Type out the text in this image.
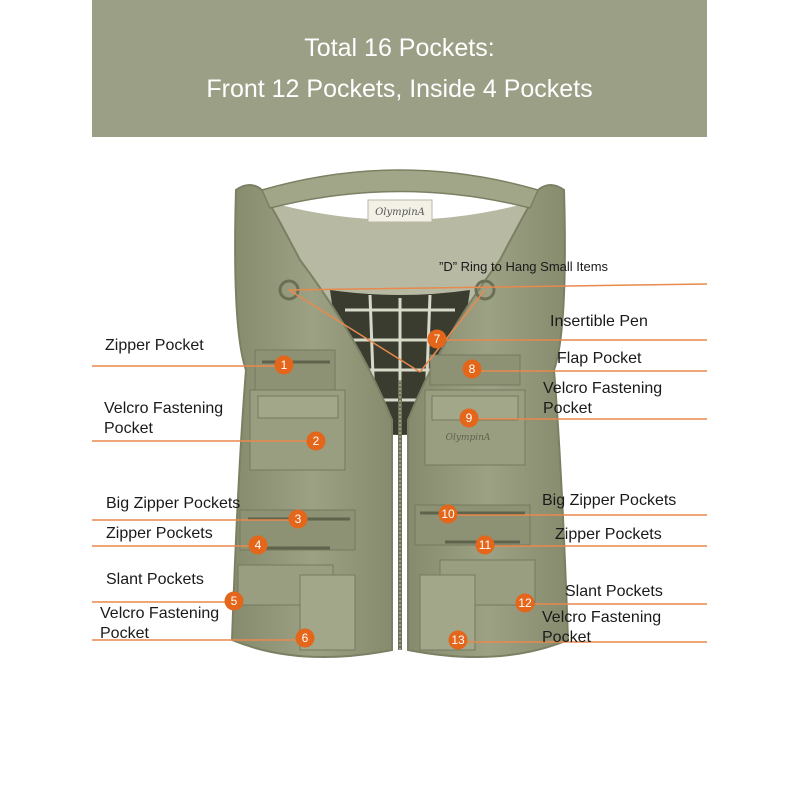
Total 16 Pockets:
Front 12 Pockets, Inside 4 Pockets
OlympinA
OlympinA
1
2
3
4
5
6
7
8
9
10
11
12
13
Zipper Pocket
Velcro Fastening
Pocket
Big Zipper Pockets
Zipper Pockets
Slant Pockets
Velcro Fastening
Pocket
”D” Ring to Hang Small Items
Insertible Pen
Flap Pocket
Velcro Fastening
Pocket
Big Zipper Pockets
Zipper Pockets
Slant Pockets
Velcro Fastening
Pocket
